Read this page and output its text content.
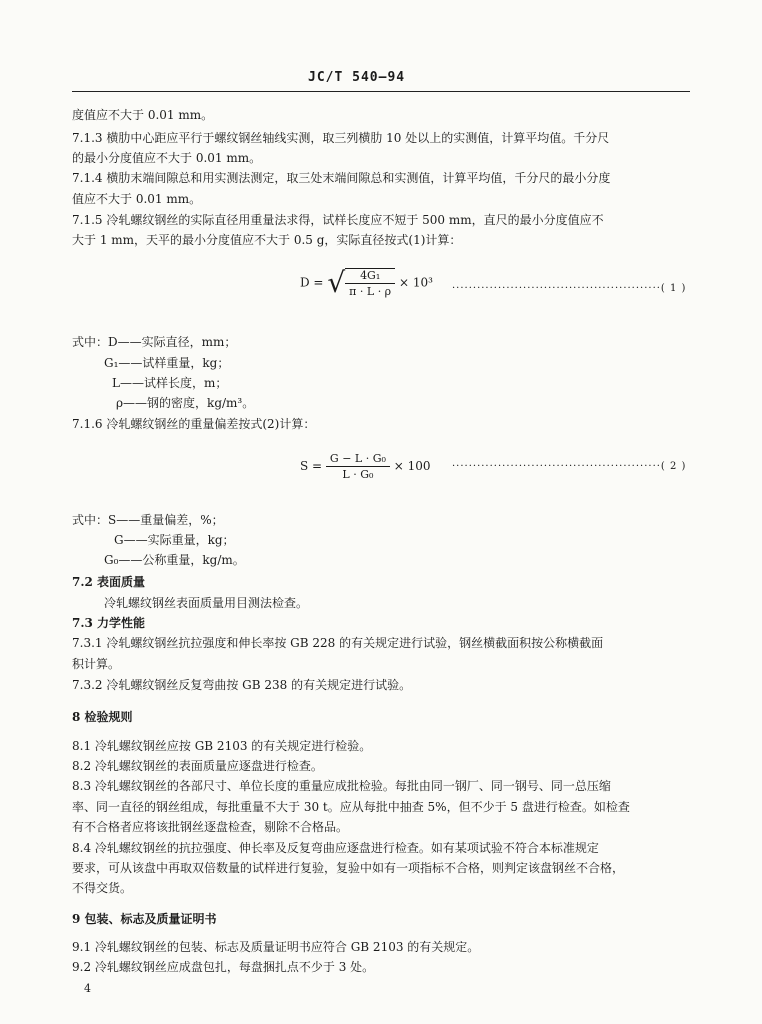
JC/T 540—94
度值应不大于 0.01 mm。
7.1.3 横肋中心距应平行于螺纹钢丝轴线实测，取三列横肋 10 处以上的实测值，计算平均值。千分尺
的最小分度值应不大于 0.01 mm。
7.1.4 横肋末端间隙总和用实测法测定，取三处末端间隙总和实测值，计算平均值，千分尺的最小分度
值应不大于 0.01 mm。
7.1.5 冷轧螺纹钢丝的实际直径用重量法求得，试样长度应不短于 500 mm，直尺的最小分度值应不
大于 1 mm，天平的最小分度值应不大于 0.5 g，实际直径按式(1)计算：
D = √ $\frac{\text{4G₁}}{\pi \cdot L \cdot \rho} \times 10^3$ ··················································( 1 )
式中：D——实际直径，mm；
G₁——试样重量，kg；
L——试样长度，m；
ρ——钢的密度，kg/m³。
7.1.6 冷轧螺纹钢丝的重量偏差按式(2)计算：
$S = \frac{\text{G − L · G₀}}{\text{L · G₀}} \times 100$ ··················································( 2 )
式中：S——重量偏差，%；
G——实际重量，kg；
G₀——公称重量，kg/m。
7.2 表面质量
冷轧螺纹钢丝表面质量用目测法检查。
7.3 力学性能
7.3.1 冷轧螺纹钢丝抗拉强度和伸长率按 GB 228 的有关规定进行试验，钢丝横截面积按公称横截面
积计算。
7.3.2 冷轧螺纹钢丝反复弯曲按 GB 238 的有关规定进行试验。
8 检验规则
8.1 冷轧螺纹钢丝应按 GB 2103 的有关规定进行检验。
8.2 冷轧螺纹钢丝的表面质量应逐盘进行检查。
8.3 冷轧螺纹钢丝的各部尺寸、单位长度的重量应成批检验。每批由同一钢厂、同一钢号、同一总压缩
率、同一直径的钢丝组成，每批重量不大于 30 t。应从每批中抽查 5%，但不少于 5 盘进行检查。如检查
有不合格者应将该批钢丝逐盘检查，剔除不合格品。
8.4 冷轧螺纹钢丝的抗拉强度、伸长率及反复弯曲应逐盘进行检查。如有某项试验不符合本标准规定
要求，可从该盘中再取双倍数量的试样进行复验，复验中如有一项指标不合格，则判定该盘钢丝不合格，
不得交货。
9 包装、标志及质量证明书
9.1 冷轧螺纹钢丝的包装、标志及质量证明书应符合 GB 2103 的有关规定。
9.2 冷轧螺纹钢丝应成盘包扎，每盘捆扎点不少于 3 处。
4
